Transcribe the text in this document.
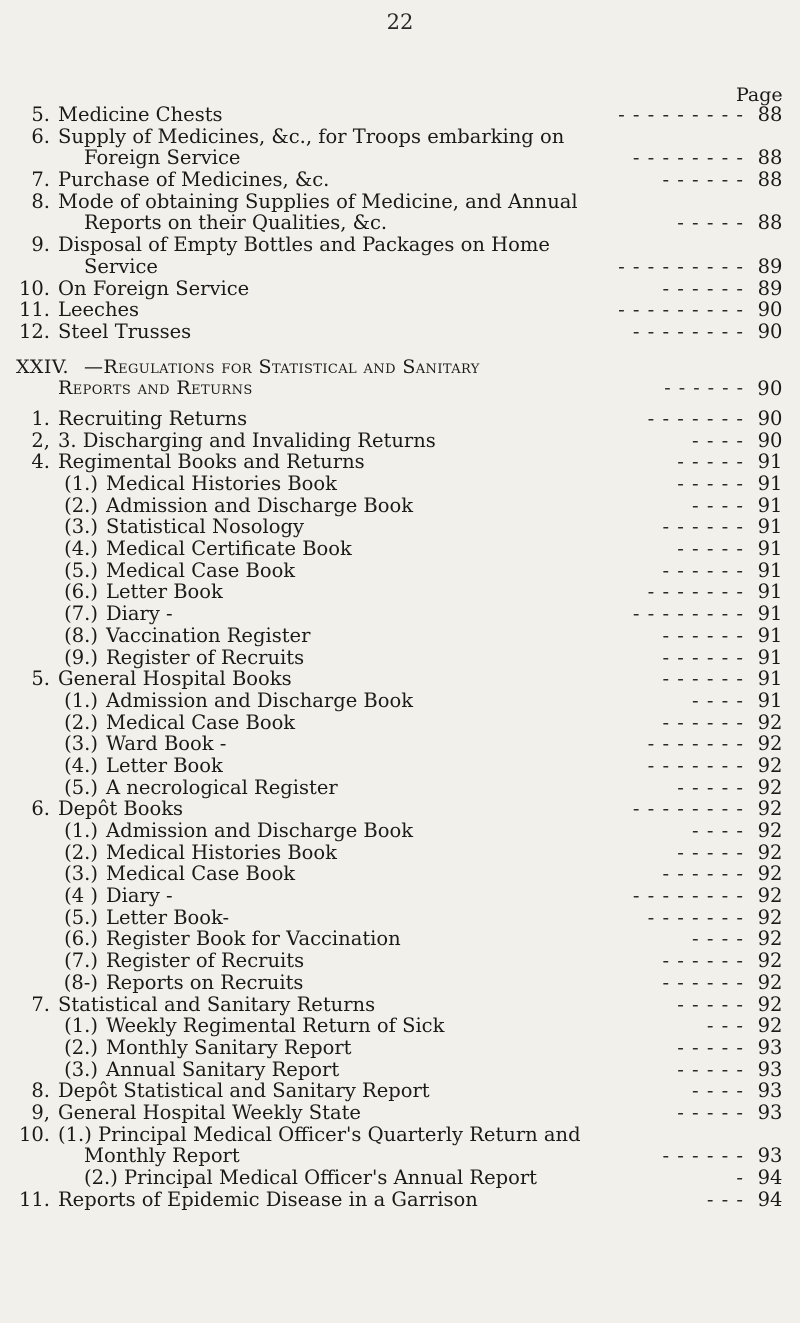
22
Page
5. Medicine Chests	- - - - - - - - - 88
6. Supply of Medicines, &c., for Troops embarking on
Foreign Service	- - - - - - - - 88
7. Purchase of Medicines, &c.	- - - - - - 88
8. Mode of obtaining Supplies of Medicine, and Annual
Reports on their Qualities, &c.	- - - - - 88
9. Disposal of Empty Bottles and Packages on Home
Service	- - - - - - - - - 89
10. On Foreign Service	- - - - - - 89
11. Leeches	- - - - - - - - - 90
12. Steel Trusses	- - - - - - - - 90
XXIV. —Regulations for Statistical and Sanitary
Reports and Returns	- - - - - - 90
1. Recruiting Returns	- - - - - - - 90
2, 3. Discharging and Invaliding Returns	- - - - 90
4. Regimental Books and Returns	- - - - - 91
(1.) Medical Histories Book	- - - - - 91
(2.) Admission and Discharge Book	- - - - 91
(3.) Statistical Nosology	- - - - - - 91
(4.) Medical Certificate Book	- - - - - 91
(5.) Medical Case Book	- - - - - - 91
(6.) Letter Book	- - - - - - - 91
(7.) Diary -	- - - - - - - - 91
(8.) Vaccination Register	- - - - - - 91
(9.) Register of Recruits	- - - - - - 91
5. General Hospital Books	- - - - - - 91
(1.) Admission and Discharge Book	- - - - 91
(2.) Medical Case Book	- - - - - - 92
(3.) Ward Book -	- - - - - - - 92
(4.) Letter Book	- - - - - - - 92
(5.) A necrological Register	- - - - - 92
6. Depôt Books	- - - - - - - - 92
(1.) Admission and Discharge Book	- - - - 92
(2.) Medical Histories Book	- - - - - 92
(3.) Medical Case Book	- - - - - - 92
(4 ) Diary -	- - - - - - - - 92
(5.) Letter Book-	- - - - - - - 92
(6.) Register Book for Vaccination	- - - - 92
(7.) Register of Recruits	- - - - - - 92
(8-) Reports on Recruits	- - - - - - 92
7. Statistical and Sanitary Returns	- - - - - 92
(1.) Weekly Regimental Return of Sick	- - - 92
(2.) Monthly Sanitary Report	- - - - - 93
(3.) Annual Sanitary Report	- - - - - 93
8. Depôt Statistical and Sanitary Report	- - - - 93
9, General Hospital Weekly State	- - - - - 93
10. (1.) Principal Medical Officer's Quarterly Return and
Monthly Report	- - - - - - 93
(2.) Principal Medical Officer's Annual Report	- 94
11. Reports of Epidemic Disease in a Garrison	- - - 94
